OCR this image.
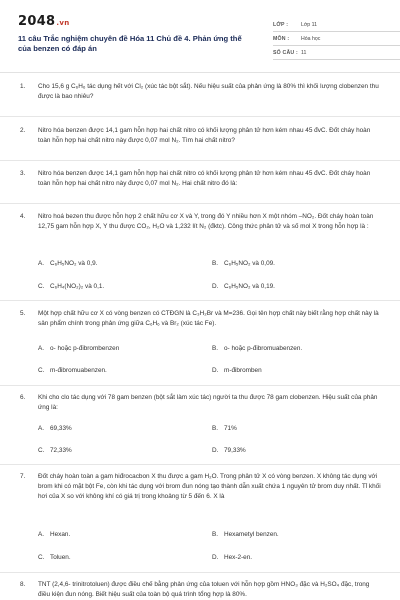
2048.vn
11 câu Trắc nghiệm chuyên đề Hóa 11 Chủ đề 4. Phản ứng thế của benzen có đáp án
LỚP : Lớp 11
MÔN : Hóa học
SỐ CÂU : 11
1. Cho 15,6 g C₆H₆ tác dụng hết với Cl₂ (xúc tác bột sắt). Nếu hiệu suất của phản ứng là 80% thì khối lượng clobenzen thu được là bao nhiêu?
2. Nitro hóa benzen được 14,1 gam hỗn hợp hai chất nitro có khối lượng phân tử hơn kém nhau 45 đvC. Đốt cháy hoàn toàn hỗn hợp hai chất nitro này được 0,07 mol N₂. Tìm hai chất nitro?
3. Nitro hóa benzen được 14,1 gam hỗn hợp hai chất nitro có khối lượng phân tử hơn kém nhau 45 đvC. Đốt cháy hoàn toàn hỗn hợp hai chất nitro này được 0,07 mol N₂. Hai chất nitro đó là:
4. Nitro hoá bezen thu được hỗn hợp 2 chất hữu cơ X và Y, trong đó Y nhiều hơn X một nhóm –NO₂. Đốt cháy hoàn toàn 12,75 gam hỗn hợp X, Y thu được CO₂, H₂O và 1,232 lít N₂ (đktc). Công thức phân tử và số mol X trong hỗn hợp là :
A. C₆H₅NO₂ và 0,9.	B. C₆H₅NO₂ và 0,09.
C. C₆H₄(NO₂)₂ và 0,1.	D. C₆H₅NO₂ và 0,19.
5. Một hợp chất hữu cơ X có vòng benzen có CTĐGN là C₃H₂Br và M=236. Gọi tên hợp chất này biết rằng hợp chất này là sản phẩm chính trong phản ứng giữa C₆H₆ và Br₂ (xúc tác Fe).
A. o- hoặc p-đibrombenzen	B. o- hoặc p-đibromuabenzen.
C. m-đibromuabenzen.	D. m-đibromben
6. Khi cho clo tác dụng với 78 gam benzen (bột sắt làm xúc tác) người ta thu được 78 gam clobenzen. Hiệu suất của phản ứng là:
A. 69,33%	B. 71%
C. 72,33%	D. 79,33%
7. Đốt cháy hoàn toàn a gam hiđrocacbon X thu được a gam H₂O. Trong phân tử X có vòng benzen. X không tác dụng với brom khi có mặt bột Fe, còn khi tác dụng với brom đun nóng tạo thành dẫn xuất chứa 1 nguyên tử brom duy nhất. Tỉ khối hơi của X so với không khí có giá trị trong khoảng từ 5 đến 6. X là
A. Hexan.	B. Hexametyl benzen.
C. Toluen.	D. Hex-2-en.
8. TNT (2,4,6- trinitrotoluen) được điều chế bằng phản ứng của toluen với hỗn hợp gồm HNO₃ đặc và H₂SO₄ đặc, trong điều kiện đun nóng. Biết hiệu suất của toàn bộ quá trình tổng hợp là 80%.
